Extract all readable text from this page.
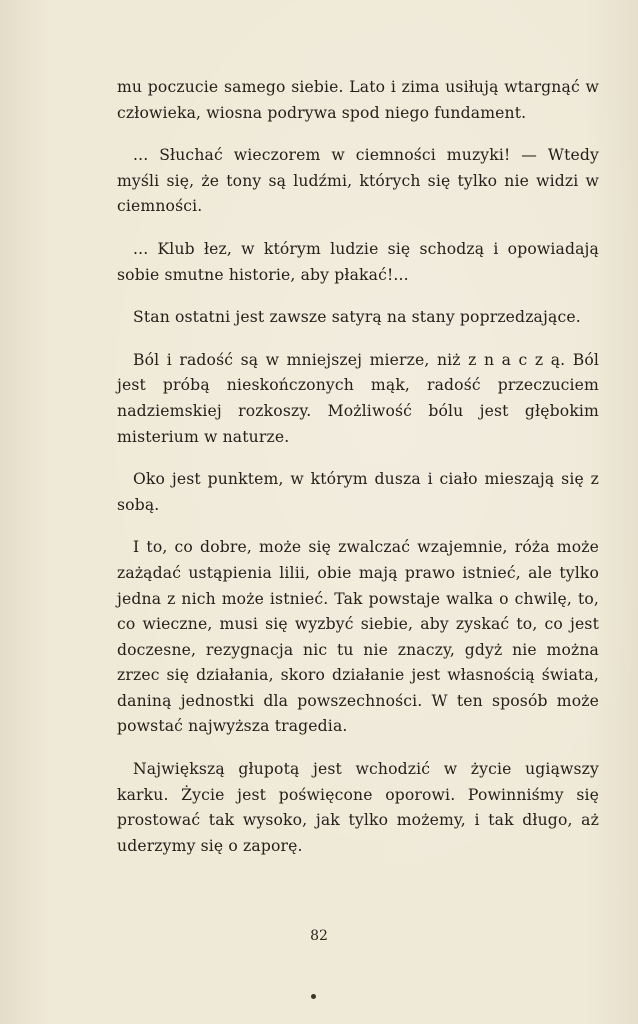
mu poczucie samego siebie. Lato i zima usiłują wtargnąć w człowieka, wiosna podrywa spod niego fundament.

... Słuchać wieczorem w ciemności muzyki! — Wtedy myśli się, że tony są ludźmi, których się tylko nie widzi w ciemności.

... Klub łez, w którym ludzie się schodzą i opowiadają sobie smutne historie, aby płakać!...

Stan ostatni jest zawsze satyrą na stany poprzedzające.

Ból i radość są w mniejszej mierze, niż z n a c z ą. Ból jest próbą nieskończonych mąk, radość przeczuciem nadziemskiej rozkoszy. Możliwość bólu jest głębokim misterium w naturze.

Oko jest punktem, w którym dusza i ciało mieszają się z sobą.

I to, co dobre, może się zwalczać wzajemnie, róża może zażądać ustąpienia lilii, obie mają prawo istnieć, ale tylko jedna z nich może istnieć. Tak powstaje walka o chwilę, to, co wieczne, musi się wyzbyć siebie, aby zyskać to, co jest doczesne, rezygnacja nic tu nie znaczy, gdyż nie można zrzec się działania, skoro działanie jest własnością świata, daniną jednostki dla powszechności. W ten sposób może powstać najwyższa tragedia.

Największą głupotą jest wchodzić w życie ugiąwszy karku. Życie jest poświęcone oporowi. Powinniśmy się prostować tak wysoko, jak tylko możemy, i tak długo, aż uderzymy się o zaporę.

82
